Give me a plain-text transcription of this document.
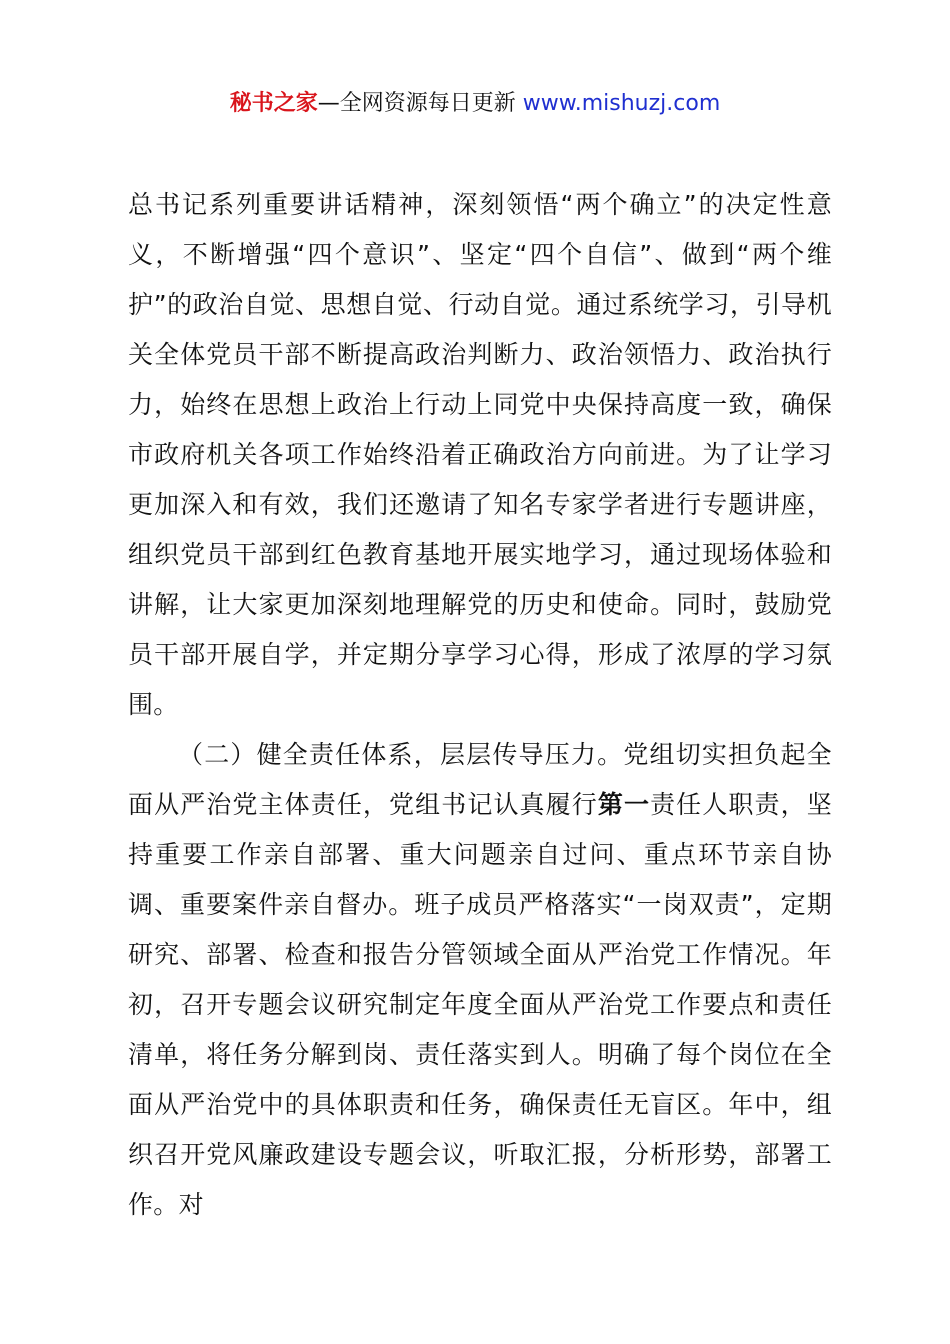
秘书之家—全网资源每日更新 www.mishuzj.com

总书记系列重要讲话精神，深刻领悟“两个确立”的决定性意义，不断增强“四个意识”、坚定“四个自信”、做到“两个维护”的政治自觉、思想自觉、行动自觉。通过系统学习，引导机关全体党员干部不断提高政治判断力、政治领悟力、政治执行力，始终在思想上政治上行动上同党中央保持高度一致，确保市政府机关各项工作始终沿着正确政治方向前进。为了让学习更加深入和有效，我们还邀请了知名专家学者进行专题讲座，组织党员干部到红色教育基地开展实地学习，通过现场体验和讲解，让大家更加深刻地理解党的历史和使命。同时，鼓励党员干部开展自学，并定期分享学习心得，形成了浓厚的学习氛围。

（二）健全责任体系，层层传导压力。党组切实担负起全面从严治党主体责任，党组书记认真履行第一责任人职责，坚持重要工作亲自部署、重大问题亲自过问、重点环节亲自协调、重要案件亲自督办。班子成员严格落实“一岗双责”，定期研究、部署、检查和报告分管领域全面从严治党工作情况。年初，召开专题会议研究制定年度全面从严治党工作要点和责任清单，将任务分解到岗、责任落实到人。明确了每个岗位在全面从严治党中的具体职责和任务，确保责任无盲区。年中，组织召开党风廉政建设专题会议，听取汇报，分析形势，部署工作。对
